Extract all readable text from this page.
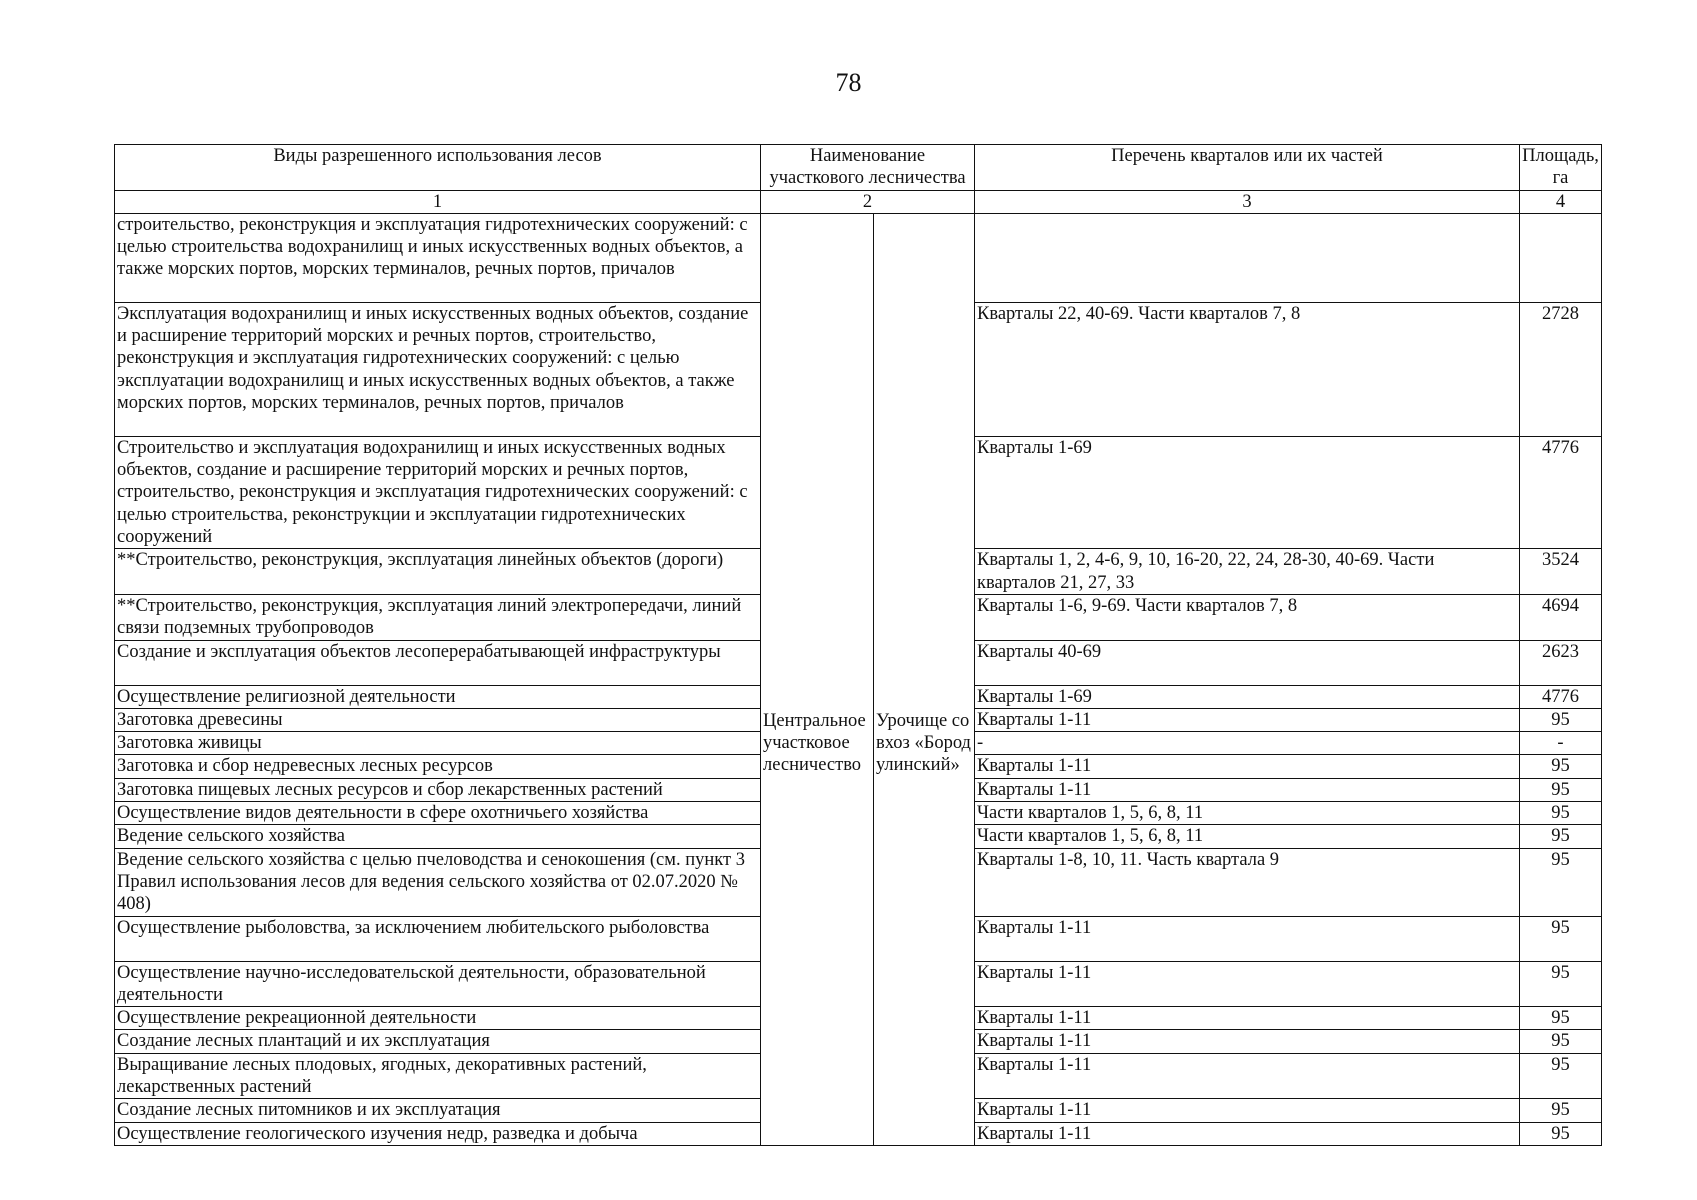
78
Виды разрешенного использования лесов	Наименование участкового лесничества		Перечень кварталов или их частей	Площадь, га
1	2		3	4
строительство, реконструкция и эксплуатация гидротехнических сооружений: с целью строительства водохранилищ и иных искусственных водных объектов, а также морских портов, морских терминалов, речных портов, причалов	Центральное участковое лесничество	Урочище совхоз «Бородулинский»		

Эксплуатация водохранилищ и иных искусственных водных объектов, создание и расширение территорий морских и речных портов, строительство, реконструкция и эксплуатация гидротехнических сооружений: с целью эксплуатации водохранилищ и иных искусственных водных объектов, а также морских портов, морских терминалов, речных портов, причалов			Кварталы 22, 40-69. Части кварталов 7, 8	2728
Строительство и эксплуатация водохранилищ и иных искусственных водных объектов, создание и расширение территорий морских и речных портов, строительство, реконструкция и эксплуатация гидротехнических сооружений: с целью строительства, реконструкции и эксплуатации гидротехнических сооружений			Кварталы 1-69	4776
**Строительство, реконструкция, эксплуатация линейных объектов (дороги)			Кварталы 1, 2, 4-6, 9, 10, 16-20, 22, 24, 28-30, 40-69. Части кварталов 21, 27, 33	3524
**Строительство, реконструкция, эксплуатация линий электропередачи, линий связи подземных трубопроводов			Кварталы 1-6, 9-69. Части кварталов 7, 8	4694
Создание и эксплуатация объектов лесоперерабатывающей инфраструктуры			Кварталы 40-69	2623
Осуществление религиозной деятельности			Кварталы 1-69	4776
Заготовка древесины			Кварталы 1-11	95
Заготовка живицы			-	-
Заготовка и сбор недревесных лесных ресурсов			Кварталы 1-11	95
Заготовка пищевых лесных ресурсов и сбор лекарственных растений			Кварталы 1-11	95
Осуществление видов деятельности в сфере охотничьего хозяйства			Части кварталов 1, 5, 6, 8, 11	95
Ведение сельского хозяйства			Части кварталов 1, 5, 6, 8, 11	95
Ведение сельского хозяйства с целью пчеловодства и сенокошения (см. пункт 3 Правил использования лесов для ведения сельского хозяйства от 02.07.2020 № 408)			Кварталы 1-8, 10, 11. Часть квартала 9	95
Осуществление рыболовства, за исключением любительского рыболовства			Кварталы 1-11	95
Осуществление научно-исследовательской деятельности, образовательной деятельности			Кварталы 1-11	95
Осуществление рекреационной деятельности			Кварталы 1-11	95
Создание лесных плантаций и их эксплуатация			Кварталы 1-11	95
Выращивание лесных плодовых, ягодных, декоративных растений, лекарственных растений			Кварталы 1-11	95
Создание лесных питомников и их эксплуатация			Кварталы 1-11	95
Осуществление геологического изучения недр, разведка и добыча			Кварталы 1-11	95
